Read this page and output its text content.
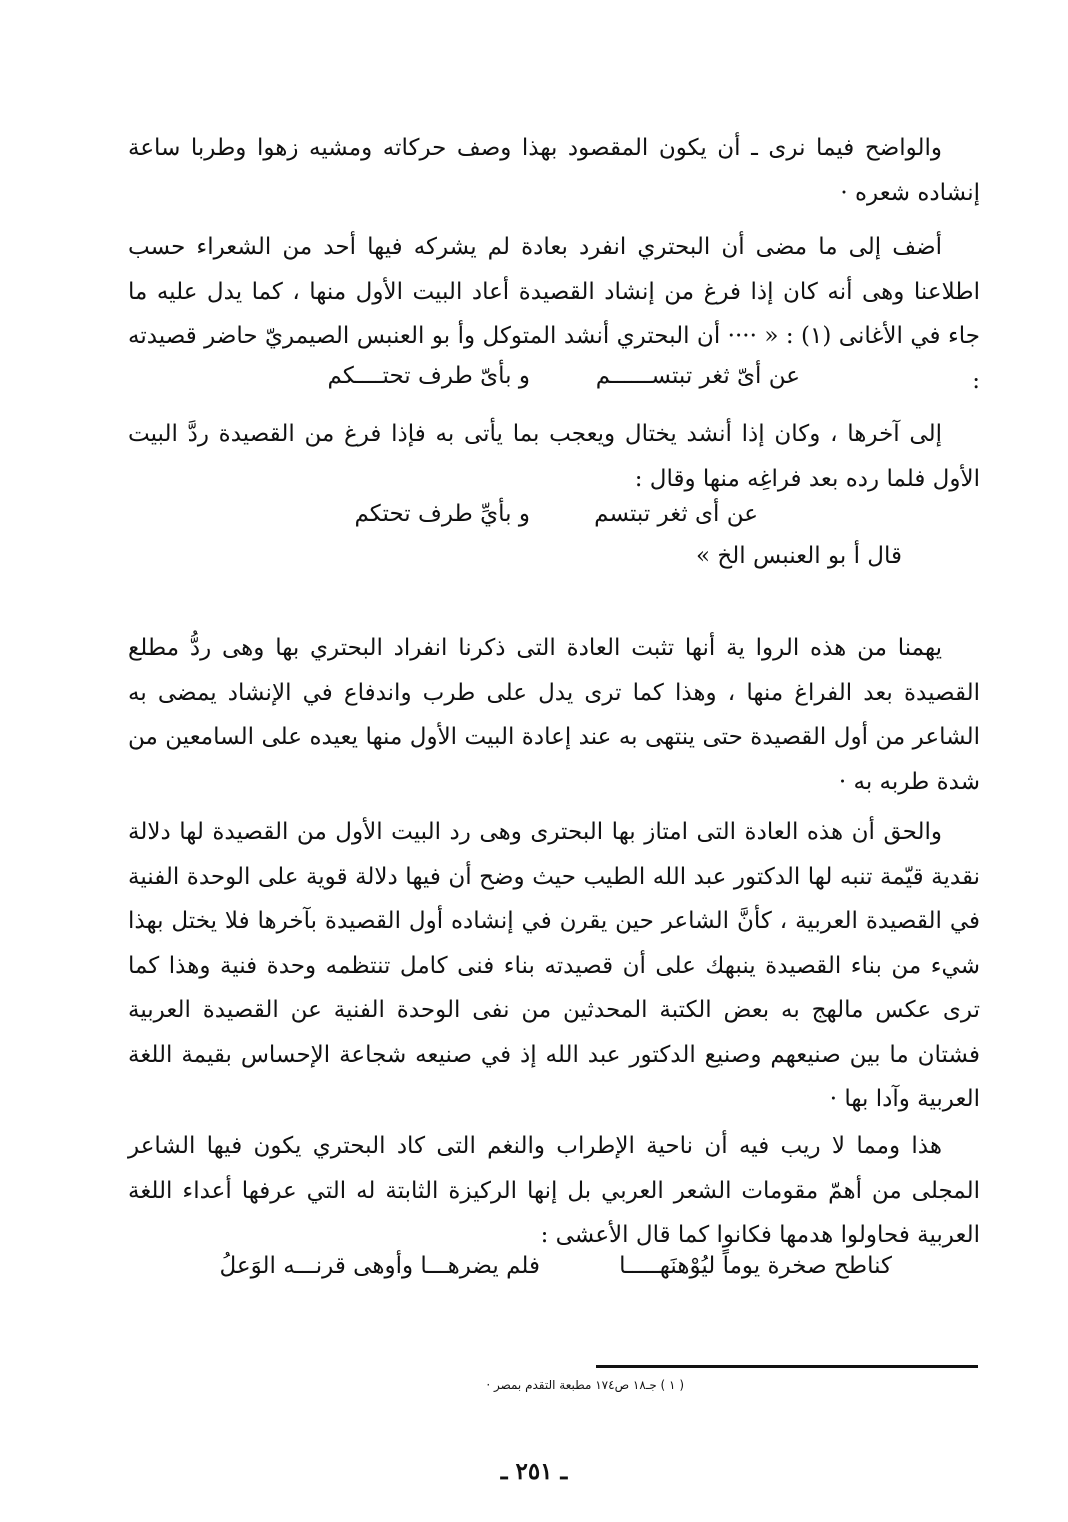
والواضح فيما نرى ـ أن يكون المقصود بهذا وصف حركاته ومشيه زهوا وطربا ساعة إنشاده شعره ·

أضف إلى ما مضى أن البحتري انفرد بعادة لم يشركه فيها أحد من الشعراء حسب اطلاعنا وهى أنه كان إذا فرغ من إنشاد القصيدة أعاد البيت الأول منها ، كما يدل عليه ما جاء في الأغانى (١) : « ···· أن البحتري أنشد المتوكل وأ بو العنبس الصيمريّ حاضر قصيدته :

عن أىّ ثغر تبتســــــم
و بأىّ طرف تحتــــكم

إلى آخرها ، وكان إذا أنشد يختال ويعجب بما يأتى به فإذا فرغ من القصيدة ردَّ البيت الأول فلما رده بعد فراغِه منها وقال :

عن أى ثغر تبتسم
و بأيِّ طرف تحتكم
قال أ بو العنبس الخ »

يهمنا من هذه الروا ية أنها تثبت العادة التى ذكرنا انفراد البحتري بها وهى ردُّ مطلع القصيدة بعد الفراغ منها ، وهذا كما ترى يدل على طرب واندفاع في الإنشاد يمضى به الشاعر من أول القصيدة حتى ينتهى به عند إعادة البيت الأول منها يعيده على السامعين من شدة طربه به ·

والحق أن هذه العادة التى امتاز بها البحترى وهى رد البيت الأول من القصيدة لها دلالة نقدية قيّمة تنبه لها الدكتور عبد الله الطيب حيث وضح أن فيها دلالة قوية على الوحدة الفنية في القصيدة العربية ، كأنَّ الشاعر حين يقرن في إنشاده أول القصيدة بآخرها فلا يختل بهذا شيء من بناء القصيدة ينبهك على أن قصيدته بناء فنى كامل تنتظمه وحدة فنية وهذا كما ترى عكس مالهج به بعض الكتبة المحدثين من نفى الوحدة الفنية عن القصيدة العربية فشتان ما بين صنيعهم وصنيع الدكتور عبد الله إذ في صنيعه شجاعة الإحساس بقيمة اللغة العربية وآدا بها ·

هذا ومما لا ريب فيه أن ناحية الإطراب والنغم التى كاد البحتري يكون فيها الشاعر المجلى من أهمّ مقومات الشعر العربي بل إنها الركيزة الثابتة له التي عرفها أعداء اللغة العربية فحاولوا هدمها فكانوا كما قال الأعشى :

كناطح صخرة يوماً ليُوْهنَهـــــا
فلم يضرهـــا وأوهى قرنـــه الوَعلُ
( ١ ) جـ١٨ ص١٧٤ مطبعة التقدم بمصر ·
ـ ٢٥١ ـ
